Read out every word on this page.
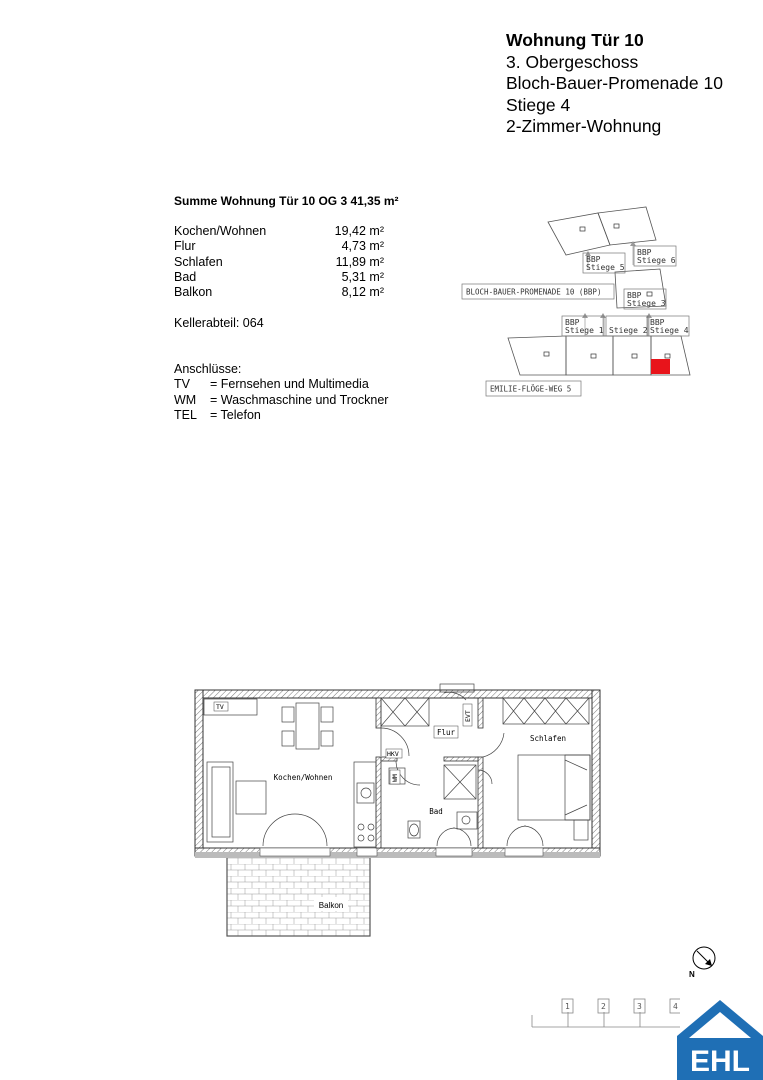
Wohnung Tür 10
3. Obergeschoss
Bloch-Bauer-Promenade 10
Stiege 4
2-Zimmer-Wohnung
Summe Wohnung Tür 10 OG 3 41,35 m²
Kochen/Wohnen	19,42 m²
Flur	4,73 m²
Schlafen	11,89 m²
Bad	5,31 m²
Balkon	8,12 m²
Kellerabteil: 064
Anschlüsse:
TV = Fernsehen und Multimedia
WM = Waschmaschine und Trockner
TEL = Telefon
BBP
Stiege 5
BBP
Stiege 6
BBP
Stiege 3
BBP
Stiege 1 Stiege 2
BBP
Stiege 4
BLOCH-BAUER-PROMENADE 10 (BBP)
EMILIE-FLÖGE-WEG 5
Balkon
TV
HKV
EVT
WM
Kochen/Wohnen
Flur
Bad
Schlafen
N
1	2	3	4
EHL
